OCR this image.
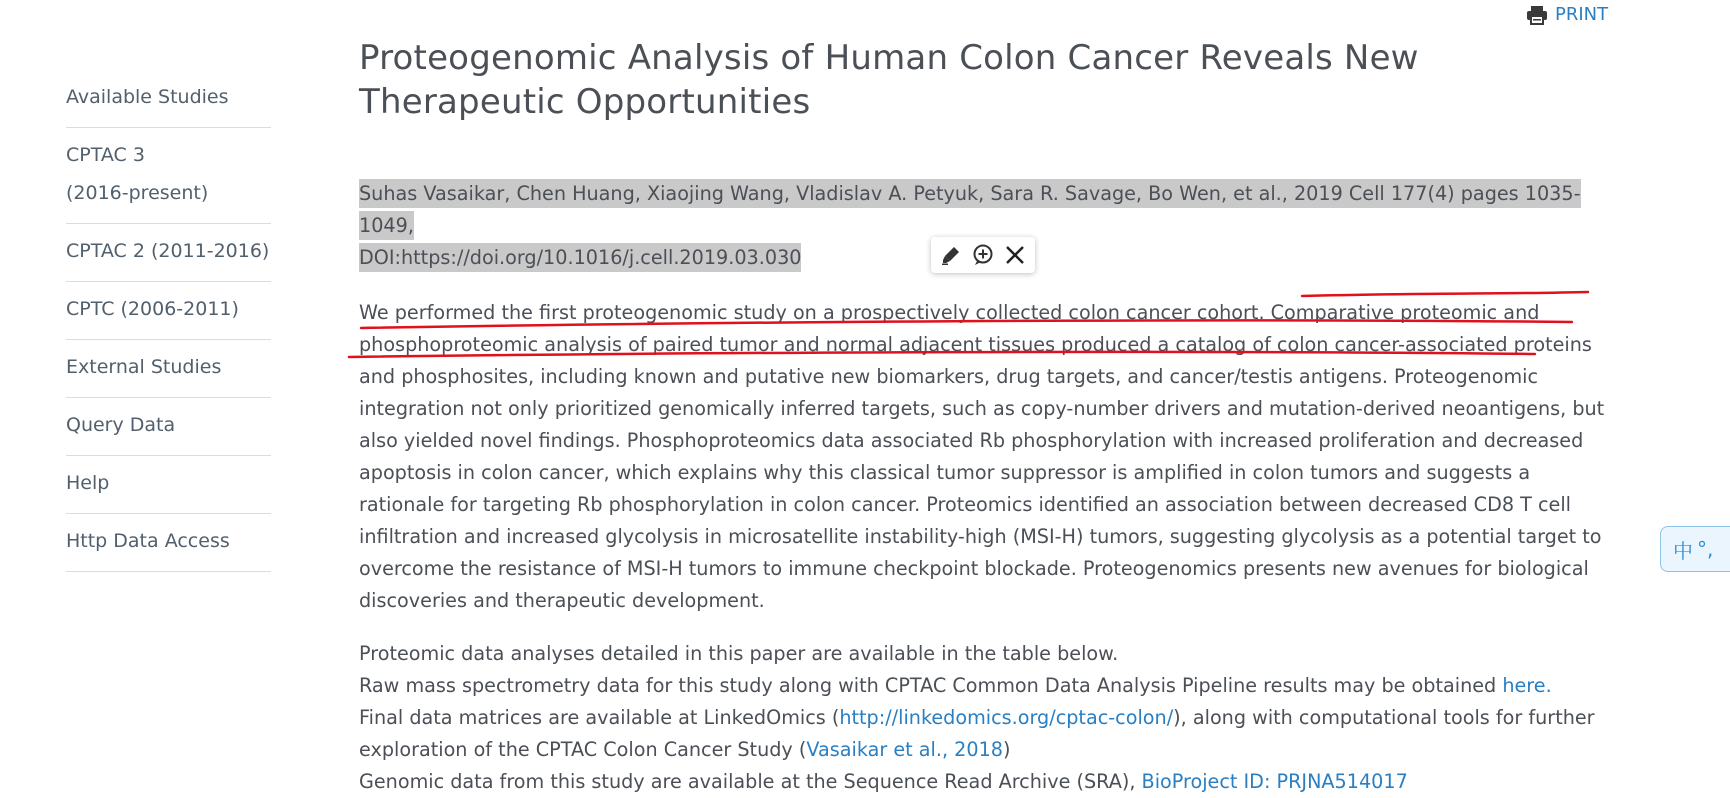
PRINT
Available Studies
CPTAC 3
(2016-present)
CPTAC 2 (2011-2016)
CPTC (2006-2011)
External Studies
Query Data
Help
Http Data Access
Proteogenomic Analysis of Human Colon Cancer Reveals New Therapeutic Opportunities
Suhas Vasaikar, Chen Huang, Xiaojing Wang, Vladislav A. Petyuk, Sara R. Savage, Bo Wen, et al., 2019 Cell 177(4) pages 1035-1049,
DOI:https://doi.org/10.1016/j.cell.2019.03.030
We performed the first proteogenomic study on a prospectively collected colon cancer cohort. Comparative proteomic and phosphoproteomic analysis of paired tumor and normal adjacent tissues produced a catalog of colon cancer-associated proteins and phosphosites, including known and putative new biomarkers, drug targets, and cancer/testis antigens. Proteogenomic integration not only prioritized genomically inferred targets, such as copy-number drivers and mutation-derived neoantigens, but also yielded novel findings. Phosphoproteomics data associated Rb phosphorylation with increased proliferation and decreased apoptosis in colon cancer, which explains why this classical tumor suppressor is amplified in colon tumors and suggests a rationale for targeting Rb phosphorylation in colon cancer. Proteomics identified an association between decreased CD8 T cell infiltration and increased glycolysis in microsatellite instability-high (MSI-H) tumors, suggesting glycolysis as a potential target to overcome the resistance of MSI-H tumors to immune checkpoint blockade. Proteogenomics presents new avenues for biological discoveries and therapeutic development.

Proteomic data analyses detailed in this paper are available in the table below.

Raw mass spectrometry data for this study along with CPTAC Common Data Analysis Pipeline results may be obtained here.

Final data matrices are available at LinkedOmics (http://linkedomics.org/cptac-colon/), along with computational tools for further exploration of the CPTAC Colon Cancer Study (Vasaikar et al., 2018)

Genomic data from this study are available at the Sequence Read Archive (SRA), BioProject ID: PRJNA514017

中 °,
